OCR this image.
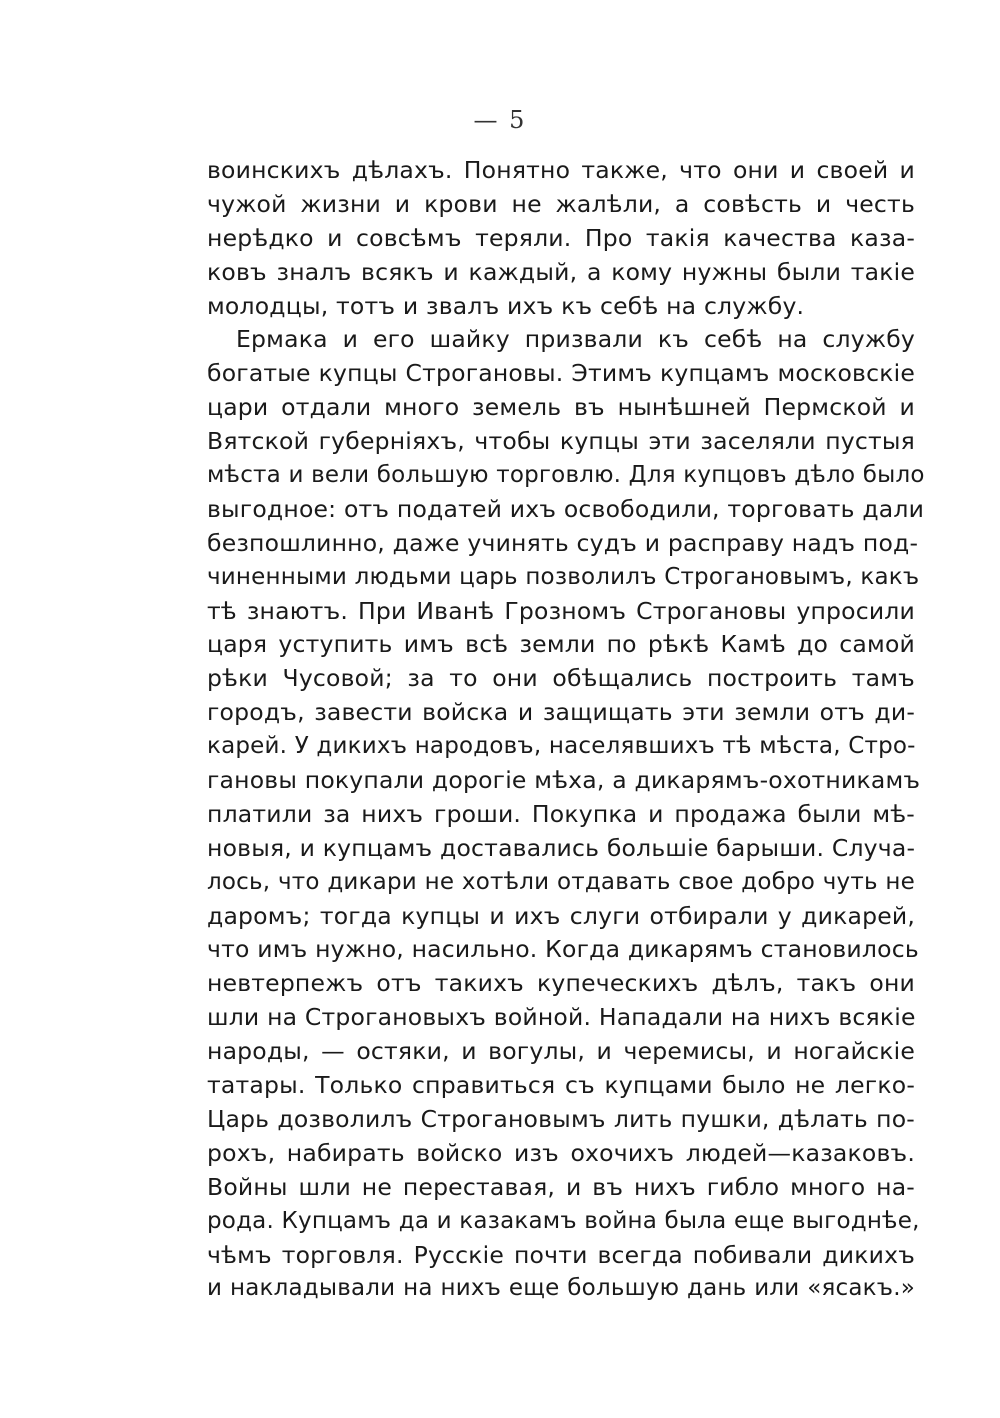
— 5
воинскихъ дѣлахъ. Понятно также, что они и своей и
чужой жизни и крови не жалѣли, а совѣсть и честь
нерѣдко и совсѣмъ теряли. Про такія качества каза-
ковъ зналъ всякъ и каждый, а кому нужны были такіе
молодцы, тотъ и звалъ ихъ къ себѣ на службу.
Ермака и его шайку призвали къ себѣ на службу
богатые купцы Строгановы. Этимъ купцамъ московскіе
цари отдали много земель въ нынѣшней Пермской и
Вятской губерніяхъ, чтобы купцы эти заселяли пустыя
мѣста и вели большую торговлю. Для купцовъ дѣло было
выгодное: отъ податей ихъ освободили, торговать дали
безпошлинно, даже учинять судъ и расправу надъ под-
чиненными людьми царь позволилъ Строгановымъ, какъ
тѣ знаютъ. При Иванѣ Грозномъ Строгановы упросили
царя уступить имъ всѣ земли по рѣкѣ Камѣ до самой
рѣки Чусовой; за то они обѣщались построить тамъ
городъ, завести войска и защищать эти земли отъ ди-
карей. У дикихъ народовъ, населявшихъ тѣ мѣста, Стро-
гановы покупали дорогіе мѣха, а дикарямъ-охотникамъ
платили за нихъ гроши. Покупка и продажа были мѣ-
новыя, и купцамъ доставались большіе барыши. Случа-
лось, что дикари не хотѣли отдавать свое добро чуть не
даромъ; тогда купцы и ихъ слуги отбирали у дикарей,
что имъ нужно, насильно. Когда дикарямъ становилось
невтерпежъ отъ такихъ купеческихъ дѣлъ, такъ они
шли на Строгановыхъ войной. Нападали на нихъ всякіе
народы, — остяки, и вогулы, и черемисы, и ногайскіе
татары. Только справиться съ купцами было не легко-
Царь дозволилъ Строгановымъ лить пушки, дѣлать по-
рохъ, набирать войско изъ охочихъ людей—казаковъ.
Войны шли не переставая, и въ нихъ гибло много на-
рода. Купцамъ да и казакамъ война была еще выгоднѣе,
чѣмъ торговля. Русскіе почти всегда побивали дикихъ
и накладывали на нихъ еще большую дань или «ясакъ.»
